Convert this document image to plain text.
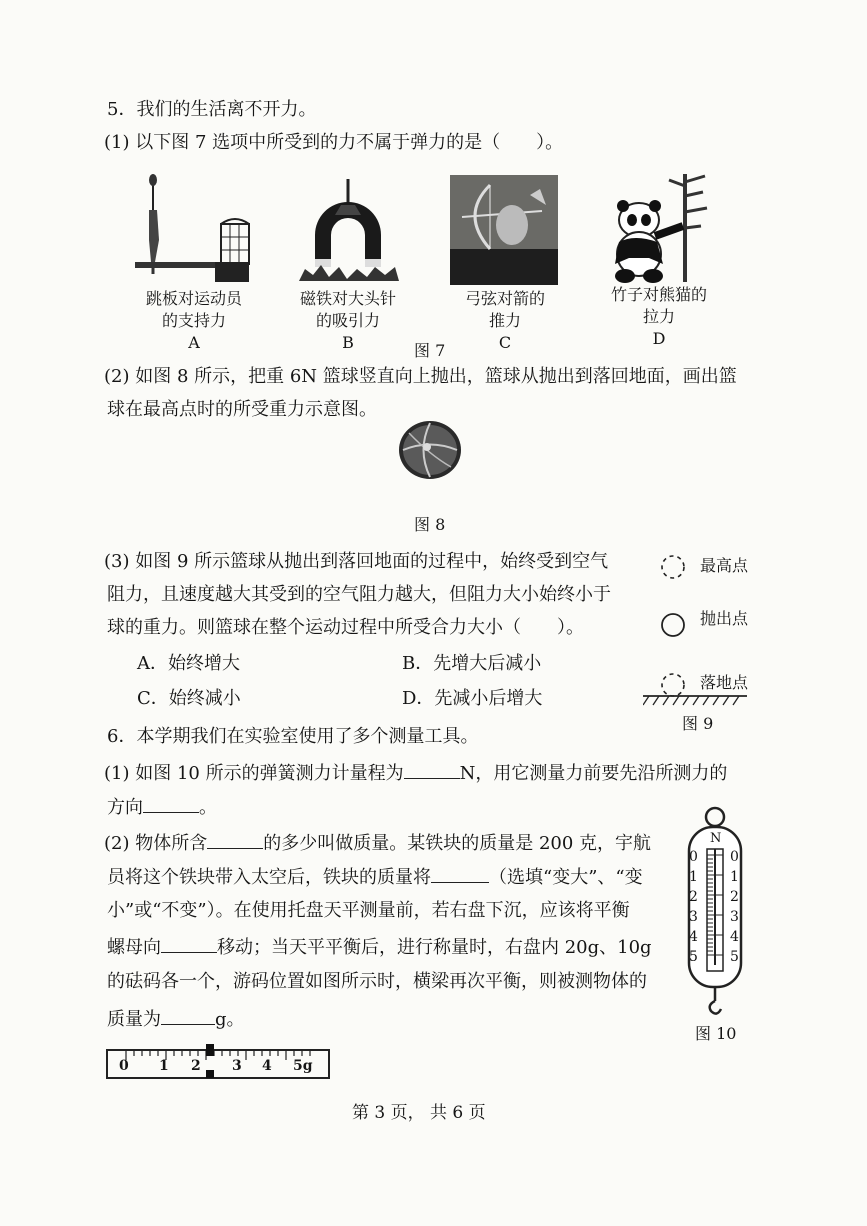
5．我们的生活离不开力。
(1) 以下图 7 选项中所受到的力不属于弹力的是（　　）。
跳板对运动员
的支持力
A
磁铁对大头针
的吸引力
B	图 7
弓弦对箭的
推力
C
竹子对熊猫的
拉力
D
(2) 如图 8 所示，把重 6N 篮球竖直向上抛出，篮球从抛出到落回地面，画出篮
球在最高点时的所受重力示意图。
图 8
(3) 如图 9 所示篮球从抛出到落回地面的过程中，始终受到空气
阻力，且速度越大其受到的空气阻力越大，但阻力大小始终小于
球的重力。则篮球在整个运动过程中所受合力大小（　　）。
A．始终增大	B．先增大后减小
C．始终减小	D．先减小后增大
最高点
抛出点
落地点
图 9
6．本学期我们在实验室使用了多个测量工具。
(1) 如图 10 所示的弹簧测力计量程为	N，用它测量力前要先沿所测力的
方向	。
(2) 物体所含	的多少叫做质量。某铁块的质量是 200 克，宇航
员将这个铁块带入太空后，铁块的质量将	（选填“变大”、“变
小”或“不变”）。在使用托盘天平测量前，若右盘下沉，应该将平衡
螺母向	移动；当天平平衡后，进行称量时，右盘内 20g、10g
的砝码各一个，游码位置如图所示时，横梁再次平衡，则被测物体的
质量为	g。
N
0
1
2
3
4
5
0
1
2
3
4
5
图 10
0 1 2 3 4 5g
第 3 页， 共 6 页
